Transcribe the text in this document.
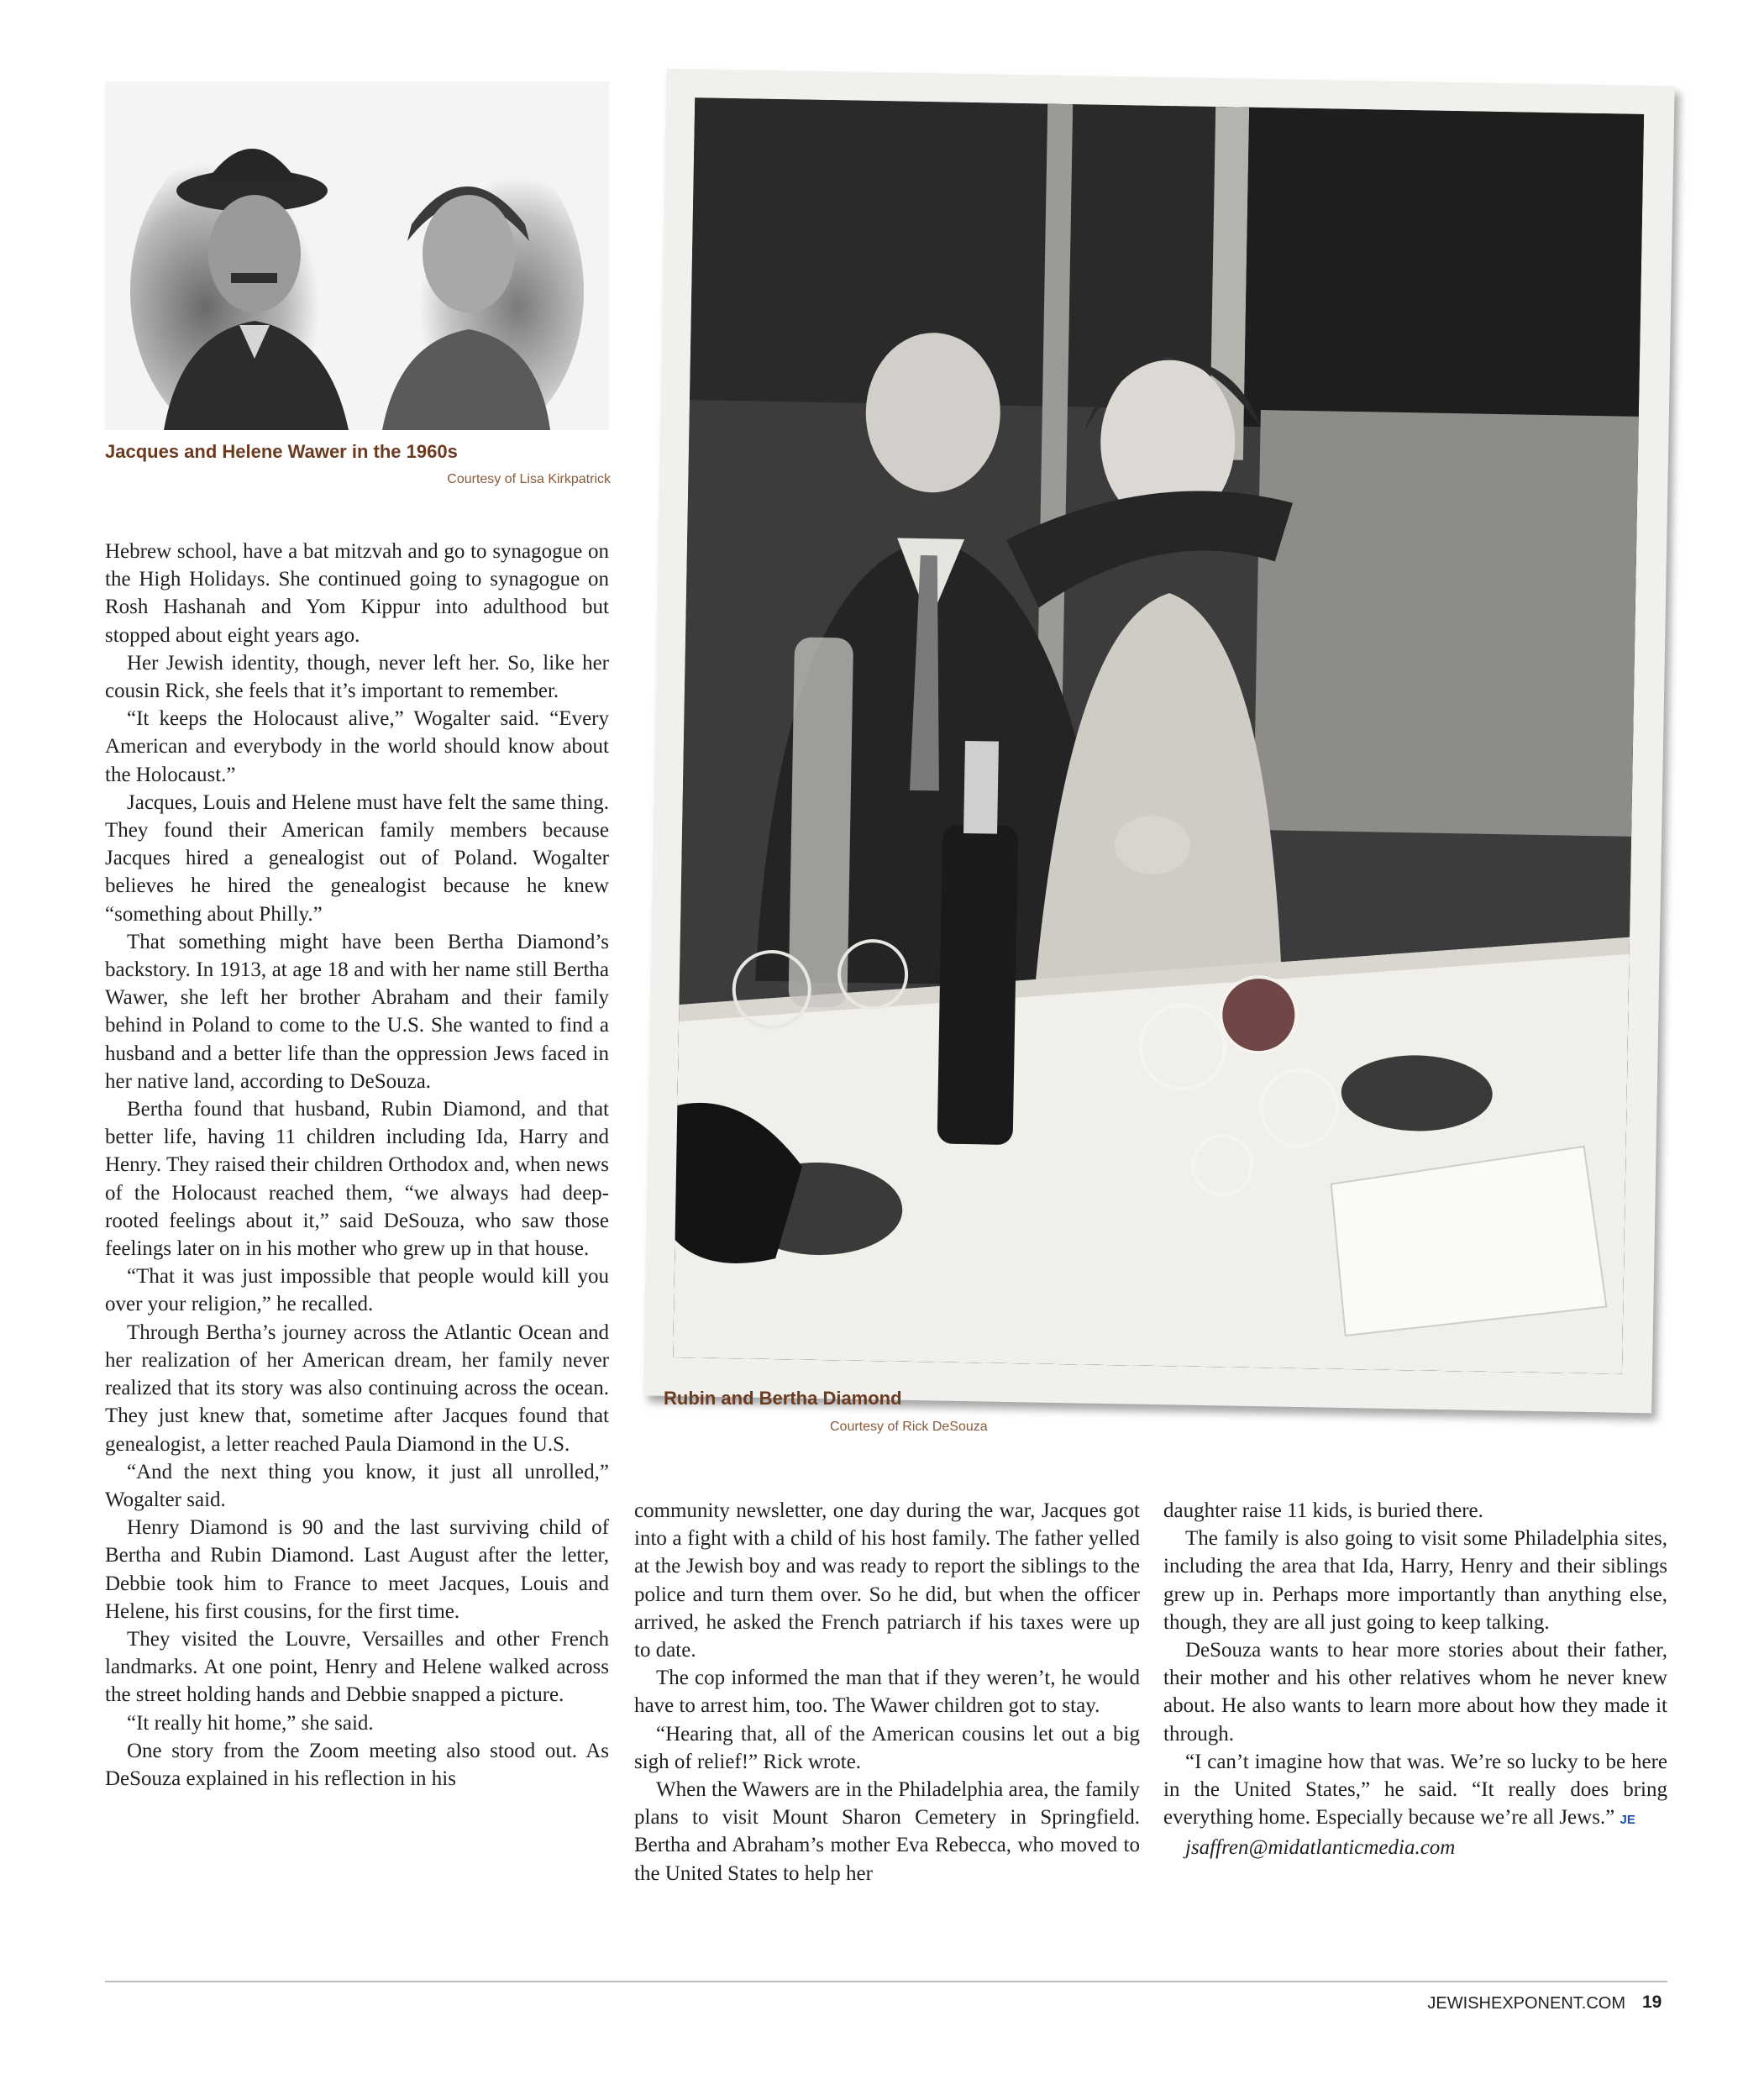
Jacques and Helene Wawer in the 1960s
Courtesy of Lisa Kirkpatrick
Rubin and Bertha Diamond
Courtesy of Rick DeSouza

Hebrew school, have a bat mitzvah and go to synagogue on the High Holidays. She continued going to synagogue on Rosh Hashanah and Yom Kippur into adulthood but stopped about eight years ago.

Her Jewish identity, though, never left her. So, like her cousin Rick, she feels that it’s important to remember.

“It keeps the Holocaust alive,” Wogalter said. “Every American and everybody in the world should know about the Holocaust.”

Jacques, Louis and Helene must have felt the same thing. They found their American family members because Jacques hired a genealogist out of Poland. Wogalter believes he hired the genealogist because he knew “something about Philly.”

That something might have been Bertha Diamond’s backstory. In 1913, at age 18 and with her name still Bertha Wawer, she left her brother Abraham and their family behind in Poland to come to the U.S. She wanted to find a husband and a better life than the oppression Jews faced in her native land, according to DeSouza.

Bertha found that husband, Rubin Diamond, and that better life, having 11 children including Ida, Harry and Henry. They raised their children Orthodox and, when news of the Holocaust reached them, “we always had deep-rooted feelings about it,” said DeSouza, who saw those feelings later on in his mother who grew up in that house.

“That it was just impossible that people would kill you over your religion,” he recalled.

Through Bertha’s journey across the Atlantic Ocean and her realization of her American dream, her family never realized that its story was also continuing across the ocean. They just knew that, sometime after Jacques found that genealogist, a letter reached Paula Diamond in the U.S.

“And the next thing you know, it just all unrolled,” Wogalter said.

Henry Diamond is 90 and the last surviving child of Bertha and Rubin Diamond. Last August after the letter, Debbie took him to France to meet Jacques, Louis and Helene, his first cousins, for the first time.

They visited the Louvre, Versailles and other French landmarks. At one point, Henry and Helene walked across the street holding hands and Debbie snapped a picture.

“It really hit home,” she said.

One story from the Zoom meeting also stood out. As DeSouza explained in his reflection in his

community newsletter, one day during the war, Jacques got into a fight with a child of his host family. The father yelled at the Jewish boy and was ready to report the siblings to the police and turn them over. So he did, but when the officer arrived, he asked the French patriarch if his taxes were up to date.

The cop informed the man that if they weren’t, he would have to arrest him, too. The Wawer children got to stay.

“Hearing that, all of the American cousins let out a big sigh of relief!” Rick wrote.

When the Wawers are in the Philadelphia area, the family plans to visit Mount Sharon Cemetery in Springfield. Bertha and Abraham’s mother Eva Rebecca, who moved to the United States to help her

daughter raise 11 kids, is buried there.

The family is also going to visit some Philadelphia sites, including the area that Ida, Harry, Henry and their siblings grew up in. Perhaps more importantly than anything else, though, they are all just going to keep talking.

DeSouza wants to hear more stories about their father, their mother and his other relatives whom he never knew about. He also wants to learn more about how they made it through.

“I can’t imagine how that was. We’re so lucky to be here in the United States,” he said. “It really does bring everything home. Especially because we’re all Jews.” JE

jsaffren@midatlanticmedia.com

JEWISHEXPONENT.COM 19
